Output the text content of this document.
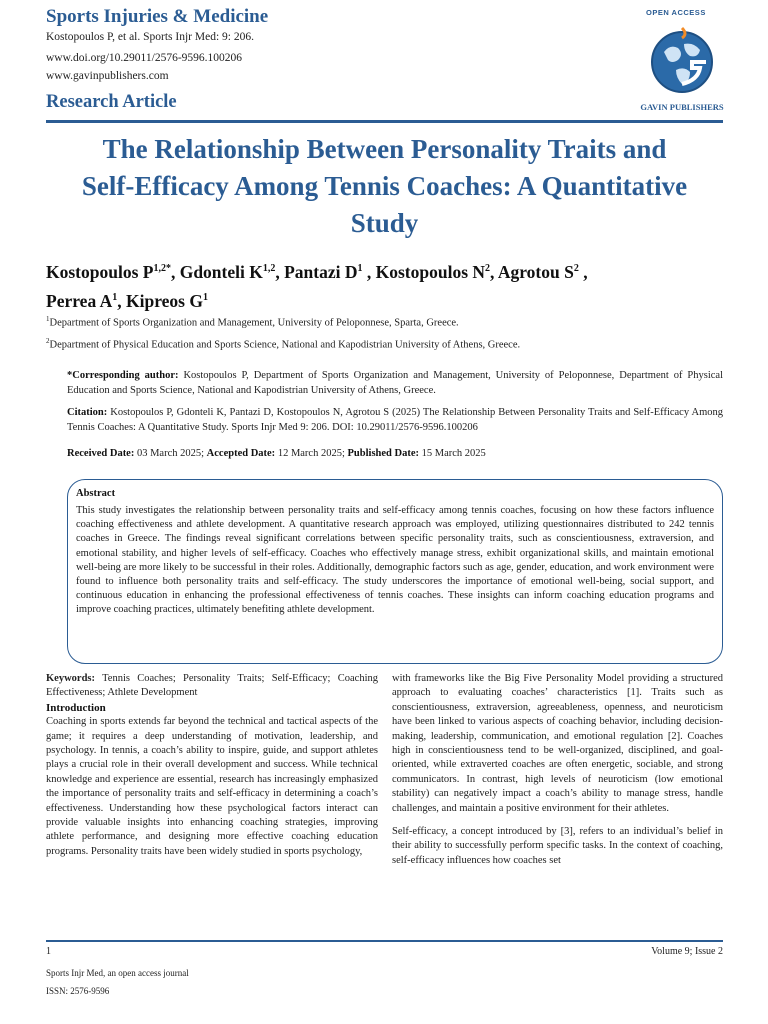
Sports Injuries & Medicine
Kostopoulos P, et al. Sports Injr Med: 9: 206.
www.doi.org/10.29011/2576-9596.100206
www.gavinpublishers.com
OPEN ACCESS
GAVIN PUBLISHERS
Research Article
The Relationship Between Personality Traits and
Self-Efficacy Among Tennis Coaches: A Quantitative
Study
Kostopoulos $P^{1,2*}$, Gdonteli K$^{1,2}$, Pantazi $D^1$ , Kostopoulos $N^2$, Agrotou $S^2$ ,
Perrea $A^1$, Kipreos $G^1$
$^1$Department of Sports Organization and Management, University of Peloponnese, Sparta, Greece.
$^2$Department of Physical Education and Sports Science, National and Kapodistrian University of Athens, Greece.
*Corresponding author: Kostopoulos P, Department of Sports Organization and Management, University of Peloponnese, Department of Physical Education and Sports Science, National and Kapodistrian University of Athens, Greece.
Citation: Kostopoulos P, Gdonteli K, Pantazi D, Kostopoulos N, Agrotou S (2025) The Relationship Between Personality Traits and Self-Efficacy Among Tennis Coaches: A Quantitative Study. Sports Injr Med 9: 206. DOI: 10.29011/2576-9596.100206
Received Date: 03 March 2025; Accepted Date: 12 March 2025; Published Date: 15 March 2025
Abstract
This study investigates the relationship between personality traits and self-efficacy among tennis coaches, focusing on how these factors influence coaching effectiveness and athlete development. A quantitative research approach was employed, utilizing questionnaires distributed to 242 tennis coaches in Greece. The findings reveal significant correlations between specific personality traits, such as conscientiousness, extraversion, and emotional stability, and higher levels of self-efficacy. Coaches who effectively manage stress, exhibit organizational skills, and maintain emotional well-being are more likely to be successful in their roles. Additionally, demographic factors such as age, gender, education, and work environment were found to influence both personality traits and self-efficacy. The study underscores the importance of emotional well-being, social support, and continuous education in enhancing the professional effectiveness of tennis coaches. These insights can inform coaching education programs and improve coaching practices, ultimately benefiting athlete development.

Keywords: Tennis Coaches; Personality Traits; Self-Efficacy; Coaching Effectiveness; Athlete Development

Introduction

Coaching in sports extends far beyond the technical and tactical aspects of the game; it requires a deep understanding of motivation, leadership, and psychology. In tennis, a coach’s ability to inspire, guide, and support athletes plays a crucial role in their overall development and success. While technical knowledge and experience are essential, research has increasingly emphasized the importance of personality traits and self-efficacy in determining a coach’s effectiveness. Understanding how these psychological factors interact can provide valuable insights into enhancing coaching strategies, improving athlete performance, and designing more effective coaching education programs. Personality traits have been widely studied in sports psychology,

with frameworks like the Big Five Personality Model providing a structured approach to evaluating coaches’ characteristics [1]. Traits such as conscientiousness, extraversion, agreeableness, openness, and neuroticism have been linked to various aspects of coaching behavior, including decision-making, leadership, communication, and emotional regulation [2]. Coaches high in conscientiousness tend to be well-organized, disciplined, and goal-oriented, while extraverted coaches are often energetic, sociable, and strong communicators. In contrast, high levels of neuroticism (low emotional stability) can negatively impact a coach’s ability to manage stress, handle challenges, and maintain a positive environment for their athletes.

Self-efficacy, a concept introduced by [3], refers to an individual’s belief in their ability to successfully perform specific tasks. In the context of coaching, self-efficacy influences how coaches set

1	Volume 9; Issue 2
Sports Injr Med, an open access journal
ISSN: 2576-9596
